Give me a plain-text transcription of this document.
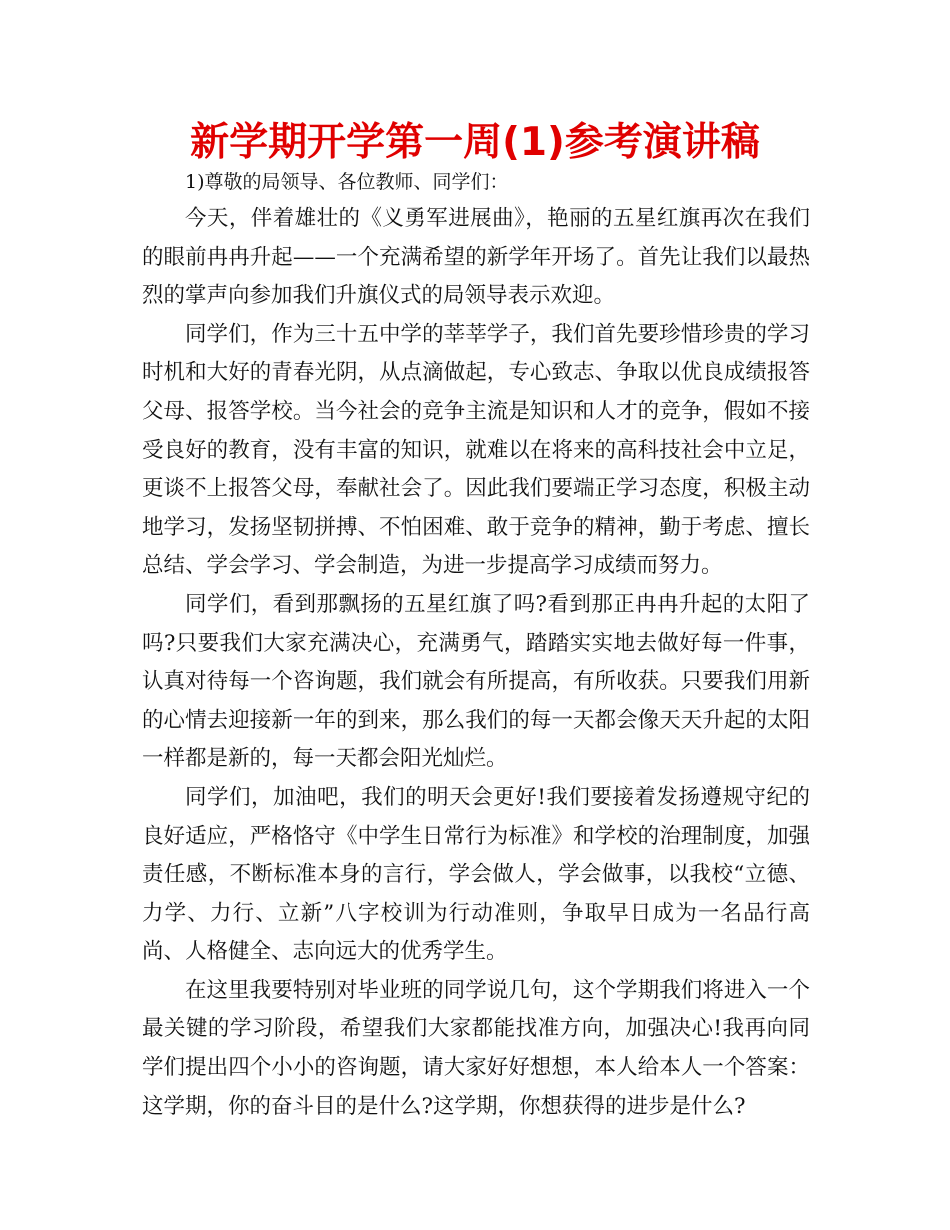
新学期开学第一周(1)参考演讲稿

1)尊敬的局领导、各位教师、同学们：

今天，伴着雄壮的《义勇军进展曲》，艳丽的五星红旗再次在我们的眼前冉冉升起——一个充满希望的新学年开场了。首先让我们以最热烈的掌声向参加我们升旗仪式的局领导表示欢迎。

同学们，作为三十五中学的莘莘学子，我们首先要珍惜珍贵的学习时机和大好的青春光阴，从点滴做起，专心致志、争取以优良成绩报答父母、报答学校。当今社会的竞争主流是知识和人才的竞争，假如不接受良好的教育，没有丰富的知识，就难以在将来的高科技社会中立足，更谈不上报答父母，奉献社会了。因此我们要端正学习态度，积极主动地学习，发扬坚韧拼搏、不怕困难、敢于竞争的精神，勤于考虑、擅长总结、学会学习、学会制造，为进一步提高学习成绩而努力。

同学们，看到那飘扬的五星红旗了吗?看到那正冉冉升起的太阳了吗?只要我们大家充满决心，充满勇气，踏踏实实地去做好每一件事，认真对待每一个咨询题，我们就会有所提高，有所收获。只要我们用新的心情去迎接新一年的到来，那么我们的每一天都会像天天升起的太阳一样都是新的，每一天都会阳光灿烂。

同学们，加油吧，我们的明天会更好!我们要接着发扬遵规守纪的良好适应，严格恪守《中学生日常行为标准》和学校的治理制度，加强责任感，不断标准本身的言行，学会做人，学会做事，以我校“立德、力学、力行、立新”八字校训为行动准则，争取早日成为一名品行高尚、人格健全、志向远大的优秀学生。

在这里我要特别对毕业班的同学说几句，这个学期我们将进入一个最关键的学习阶段，希望我们大家都能找准方向，加强决心!我再向同学们提出四个小小的咨询题，请大家好好想想，本人给本人一个答案：这学期，你的奋斗目的是什么?这学期，你想获得的进步是什么?
